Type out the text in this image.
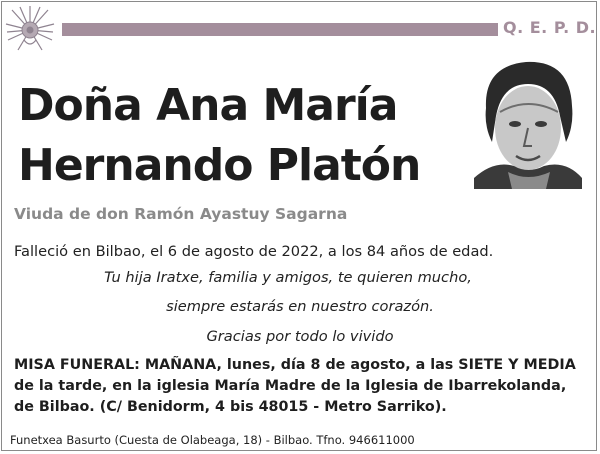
Q. E. P. D.
Doña Ana María
Hernando Platón
Viuda de don Ramón Ayastuy Sagarna
Falleció en Bilbao, el 6 de agosto de 2022, a los 84 años de edad.
Tu hija Iratxe, familia y amigos, te quieren mucho,
siempre estarás en nuestro corazón.
Gracias por todo lo vivido
MISA FUNERAL: MAÑANA, lunes, día 8 de agosto, a las SIETE Y MEDIA de la tarde, en la iglesia María Madre de la Iglesia de Ibarrekolanda, de Bilbao. (C/ Benidorm, 4 bis 48015 - Metro Sarriko).
Funetxea Basurto (Cuesta de Olabeaga, 18) - Bilbao. Tfno. 946611000
